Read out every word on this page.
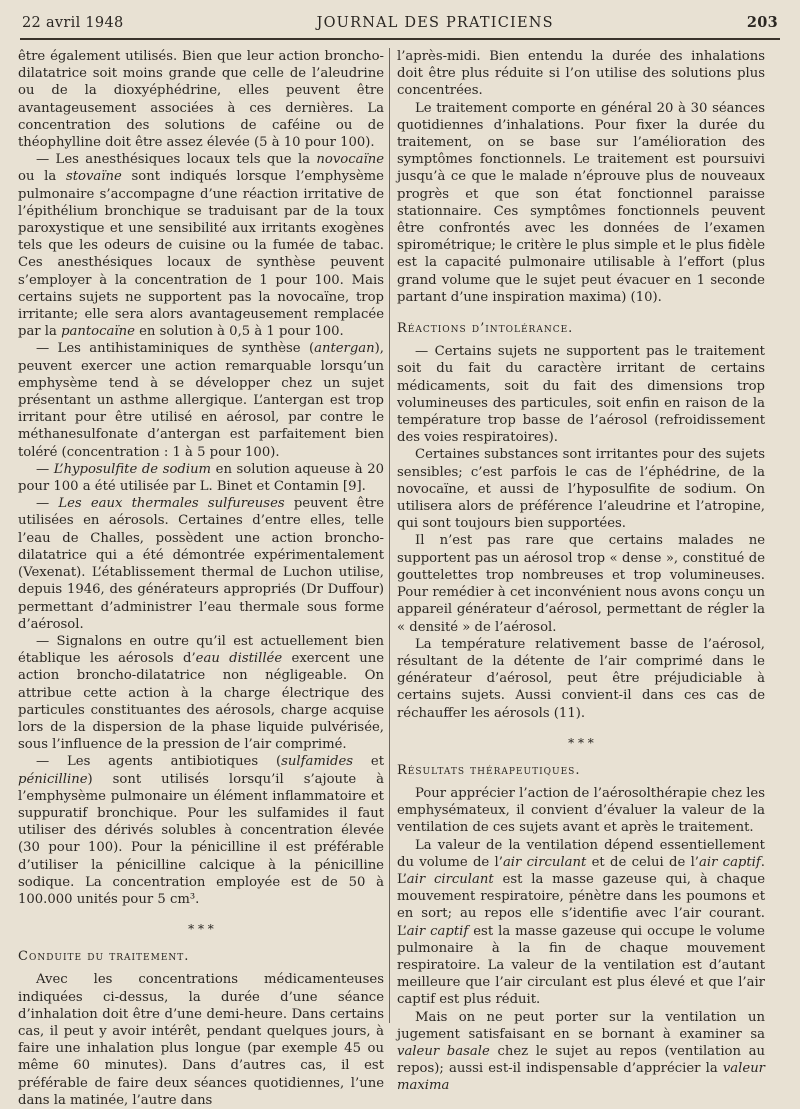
22 avril 1948	JOURNAL DES PRATICIENS	203

être également utilisés. Bien que leur action broncho-dilatatrice soit moins grande que celle de l’aleudrine ou de la dioxyéphédrine, elles peuvent être avantageusement associées à ces dernières. La concentration des solutions de caféine ou de théophylline doit être assez élevée (5 à 10 pour 100).

— Les anesthésiques locaux tels que la novocaïne ou la stovaïne sont indiqués lorsque l’emphysème pulmonaire s’accompagne d’une réaction irritative de l’épithélium bronchique se traduisant par de la toux paroxystique et une sensibilité aux irritants exogènes tels que les odeurs de cuisine ou la fumée de tabac. Ces anesthésiques locaux de synthèse peuvent s’employer à la concentration de 1 pour 100. Mais certains sujets ne supportent pas la novocaïne, trop irritante; elle sera alors avantageusement remplacée par la pantocaïne en solution à 0,5 à 1 pour 100.

— Les antihistaminiques de synthèse (antergan), peuvent exercer une action remarquable lorsqu’un emphysème tend à se développer chez un sujet présentant un asthme allergique. L’antergan est trop irritant pour être utilisé en aérosol, par contre le méthanesulfonate d’antergan est parfaitement bien toléré (concentration : 1 à 5 pour 100).

— L’hyposulfite de sodium en solution aqueuse à 20 pour 100 a été utilisée par L. Binet et Contamin [9].

— Les eaux thermales sulfureuses peuvent être utilisées en aérosols. Certaines d’entre elles, telle l’eau de Challes, possèdent une action broncho-dilatatrice qui a été démontrée expérimentalement (Vexenat). L’établissement thermal de Luchon utilise, depuis 1946, des générateurs appropriés (Dr Duffour) permettant d’administrer l’eau thermale sous forme d’aérosol.

— Signalons en outre qu’il est actuellement bien établique les aérosols d’eau distillée exercent une action broncho-dilatatrice non négligeable. On attribue cette action à la charge électrique des particules constituantes des aérosols, charge acquise lors de la dispersion de la phase liquide pulvérisée, sous l’influence de la pression de l’air comprimé.

— Les agents antibiotiques (sulfamides et pénicilline) sont utilisés lorsqu’il s’ajoute à l’emphysème pulmonaire un élément inflammatoire et suppuratif bronchique. Pour les sulfamides il faut utiliser des dérivés solubles à concentration élevée (30 pour 100). Pour la pénicilline il est préférable d’utiliser la pénicilline calcique à la pénicilline sodique. La concentration employée est de 50 à 100.000 unités pour 5 cm³.

* * *
Conduite du traitement.

Avec les concentrations médicamenteuses indiquées ci-dessus, la durée d’une séance d’inhalation doit être d’une demi-heure. Dans certains cas, il peut y avoir intérêt, pendant quelques jours, à faire une inhalation plus longue (par exemple 45 ou même 60 minutes). Dans d’autres cas, il est préférable de faire deux séances quotidiennes, l’une dans la matinée, l’autre dans

l’après-midi. Bien entendu la durée des inhalations doit être plus réduite si l’on utilise des solutions plus concentrées.

Le traitement comporte en général 20 à 30 séances quotidiennes d’inhalations. Pour fixer la durée du traitement, on se base sur l’amélioration des symptômes fonctionnels. Le traitement est poursuivi jusqu’à ce que le malade n’éprouve plus de nouveaux progrès et que son état fonctionnel paraisse stationnaire. Ces symptômes fonctionnels peuvent être confrontés avec les données de l’examen spirométrique; le critère le plus simple et le plus fidèle est la capacité pulmonaire utilisable à l’effort (plus grand volume que le sujet peut évacuer en 1 seconde partant d’une inspiration maxima) (10).

Réactions d’intolérance.

— Certains sujets ne supportent pas le traitement soit du fait du caractère irritant de certains médicaments, soit du fait des dimensions trop volumineuses des particules, soit enfin en raison de la température trop basse de l’aérosol (refroidissement des voies respiratoires).

Certaines substances sont irritantes pour des sujets sensibles; c’est parfois le cas de l’éphédrine, de la novocaïne, et aussi de l’hyposulfite de sodium. On utilisera alors de préférence l’aleudrine et l’atropine, qui sont toujours bien supportées.

Il n’est pas rare que certains malades ne supportent pas un aérosol trop « dense », constitué de gouttelettes trop nombreuses et trop volumineuses. Pour remédier à cet inconvénient nous avons conçu un appareil générateur d’aérosol, permettant de régler la « densité » de l’aérosol.

La température relativement basse de l’aérosol, résultant de la détente de l’air comprimé dans le générateur d’aérosol, peut être préjudiciable à certains sujets. Aussi convient-il dans ces cas de réchauffer les aérosols (11).

* * *
Résultats thérapeutiques.

Pour apprécier l’action de l’aérosolthérapie chez les emphysémateux, il convient d’évaluer la valeur de la ventilation de ces sujets avant et après le traitement.

La valeur de la ventilation dépend essentiellement du volume de l’air circulant et de celui de l’air captif. L’air circulant est la masse gazeuse qui, à chaque mouvement respiratoire, pénètre dans les poumons et en sort; au repos elle s’identifie avec l’air courant. L’air captif est la masse gazeuse qui occupe le volume pulmonaire à la fin de chaque mouvement respiratoire. La valeur de la ventilation est d’autant meilleure que l’air circulant est plus élevé et que l’air captif est plus réduit.

Mais on ne peut porter sur la ventilation un jugement satisfaisant en se bornant à examiner sa valeur basale chez le sujet au repos (ventilation au repos); aussi est-il indispensable d’apprécier la valeur maxima
